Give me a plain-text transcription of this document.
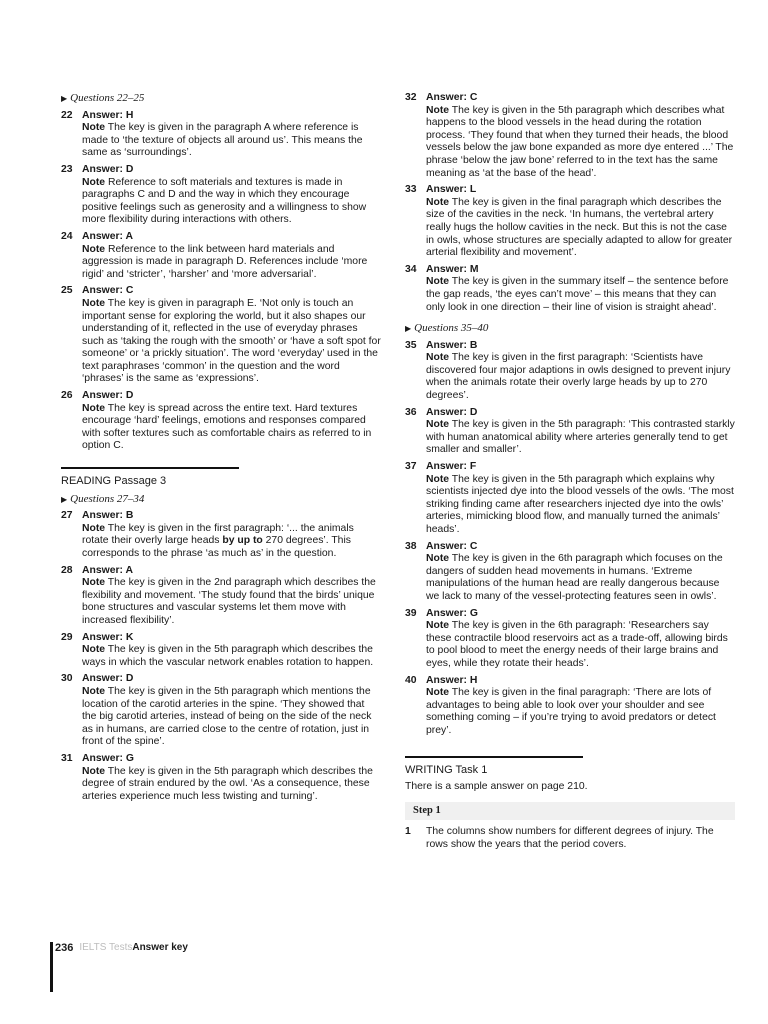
▶ Questions 22–25
22 Answer: H
Note The key is given in the paragraph A where reference is made to ‘the texture of objects all around us’. This means the same as ‘surroundings’.
23 Answer: D
Note Reference to soft materials and textures is made in paragraphs C and D and the way in which they encourage positive feelings such as generosity and a willingness to show more flexibility during interactions with others.
24 Answer: A
Note Reference to the link between hard materials and aggression is made in paragraph D. References include ‘more rigid’ and ‘stricter’, ‘harsher’ and ‘more adversarial’.
25 Answer: C
Note The key is given in paragraph E. ‘Not only is touch an important sense for exploring the world, but it also shapes our understanding of it, reflected in the use of everyday phrases such as ‘taking the rough with the smooth’ or ‘have a soft spot for someone’ or ‘a prickly situation’. The word ‘everyday’ used in the text paraphrases ‘common’ in the question and the word ‘phrases’ is the same as ‘expressions’.
26 Answer: D
Note The key is spread across the entire text. Hard textures encourage ‘hard’ feelings, emotions and responses compared with softer textures such as comfortable chairs as referred to in option C.
READING Passage 3
▶ Questions 27–34
27 Answer: B
Note The key is given in the first paragraph: ‘... the animals rotate their overly large heads by up to 270 degrees’. This corresponds to the phrase ‘as much as’ in the question.
28 Answer: A
Note The key is given in the 2nd paragraph which describes the flexibility and movement. ‘The study found that the birds’ unique bone structures and vascular systems let them move with increased flexibility’.
29 Answer: K
Note The key is given in the 5th paragraph which describes the ways in which the vascular network enables rotation to happen.
30 Answer: D
Note The key is given in the 5th paragraph which mentions the location of the carotid arteries in the spine. ‘They showed that the big carotid arteries, instead of being on the side of the neck as in humans, are carried close to the centre of rotation, just in front of the spine’.
31 Answer: G
Note The key is given in the 5th paragraph which describes the degree of strain endured by the owl. ‘As a consequence, these arteries experience much less twisting and turning’.
32 Answer: C
Note The key is given in the 5th paragraph which describes what happens to the blood vessels in the head during the rotation process. ‘They found that when they turned their heads, the blood vessels below the jaw bone expanded as more dye entered ...’ The phrase ‘below the jaw bone’ referred to in the text has the same meaning as ‘at the base of the head’.
33 Answer: L
Note The key is given in the final paragraph which describes the size of the cavities in the neck. ‘In humans, the vertebral artery really hugs the hollow cavities in the neck. But this is not the case in owls, whose structures are specially adapted to allow for greater arterial flexibility and movement’.
34 Answer: M
Note The key is given in the summary itself – the sentence before the gap reads, ‘the eyes can’t move’ – this means that they can only look in one direction – their line of vision is straight ahead’.
▶ Questions 35–40
35 Answer: B
Note The key is given in the first paragraph: ‘Scientists have discovered four major adaptions in owls designed to prevent injury when the animals rotate their overly large heads by up to 270 degrees’.
36 Answer: D
Note The key is given in the 5th paragraph: ‘This contrasted starkly with human anatomical ability where arteries generally tend to get smaller and smaller’.
37 Answer: F
Note The key is given in the 5th paragraph which explains why scientists injected dye into the blood vessels of the owls. ‘The most striking finding came after researchers injected dye into the owls’ arteries, mimicking blood flow, and manually turned the animals’ heads’.
38 Answer: C
Note The key is given in the 6th paragraph which focuses on the dangers of sudden head movements in humans. ‘Extreme manipulations of the human head are really dangerous because we lack to many of the vessel-protecting features seen in owls’.
39 Answer: G
Note The key is given in the 6th paragraph: ‘Researchers say these contractile blood reservoirs act as a trade-off, allowing birds to pool blood to meet the energy needs of their large brains and eyes, while they rotate their heads’.
40 Answer: H
Note The key is given in the final paragraph: ‘There are lots of advantages to being able to look over your shoulder and see something coming – if you’re trying to avoid predators or detect prey’.
WRITING Task 1
There is a sample answer on page 210.
Step 1
1	The columns show numbers for different degrees of injury. The rows show the years that the period covers.
236 IELTS Tests Answer key
